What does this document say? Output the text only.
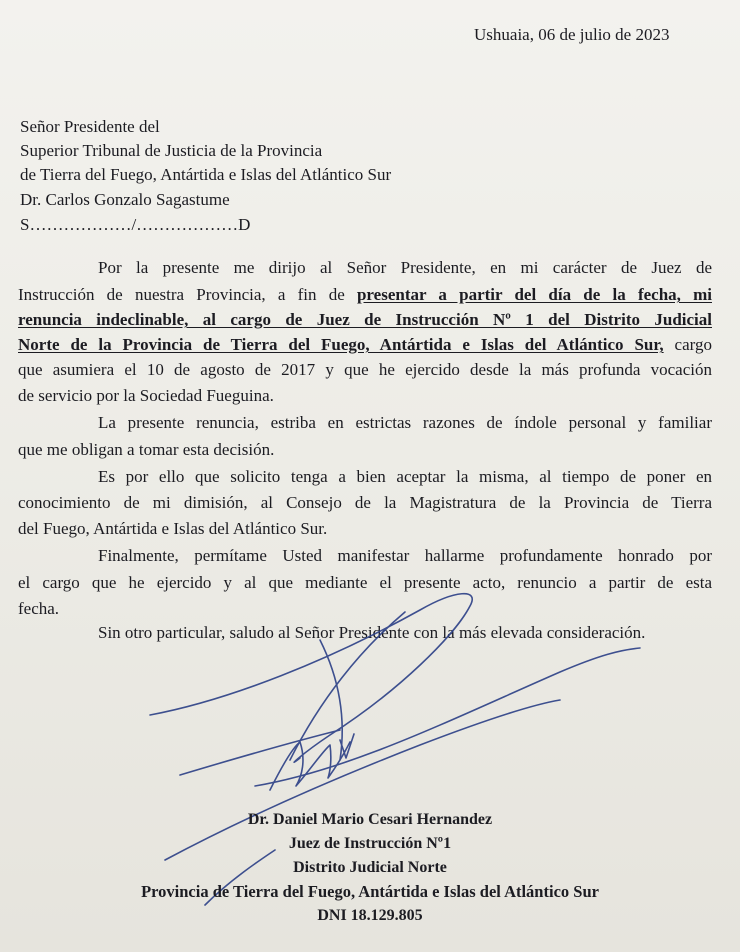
Ushuaia, 06 de julio de 2023
Señor Presidente del
Superior Tribunal de Justicia de la Provincia
de Tierra del Fuego, Antártida e Islas del Atlántico Sur
Dr. Carlos Gonzalo Sagastume
S………………/………………D
Por la presente me dirijo al Señor Presidente, en mi carácter de Juez de
Instrucción de nuestra Provincia, a fin de presentar a partir del día de la fecha, mi
renuncia indeclinable, al cargo de Juez de Instrucción Nº 1 del Distrito Judicial
Norte de la Provincia de Tierra del Fuego, Antártida e Islas del Atlántico Sur, cargo
que asumiera el 10 de agosto de 2017 y que he ejercido desde la más profunda vocación
de servicio por la Sociedad Fueguina.
La presente renuncia, estriba en estrictas razones de índole personal y familiar
que me obligan a tomar esta decisión.
Es por ello que solicito tenga a bien aceptar la misma, al tiempo de poner en
conocimiento de mi dimisión, al Consejo de la Magistratura de la Provincia de Tierra
del Fuego, Antártida e Islas del Atlántico Sur.
Finalmente, permítame Usted manifestar hallarme profundamente honrado por
el cargo que he ejercido y al que mediante el presente acto, renuncio a partir de esta
fecha.
Sin otro particular, saludo al Señor Presidente con la más elevada consideración.
Dr. Daniel Mario Cesari Hernandez
Juez de Instrucción Nº1
Distrito Judicial Norte
Provincia de Tierra del Fuego, Antártida e Islas del Atlántico Sur
DNI 18.129.805
